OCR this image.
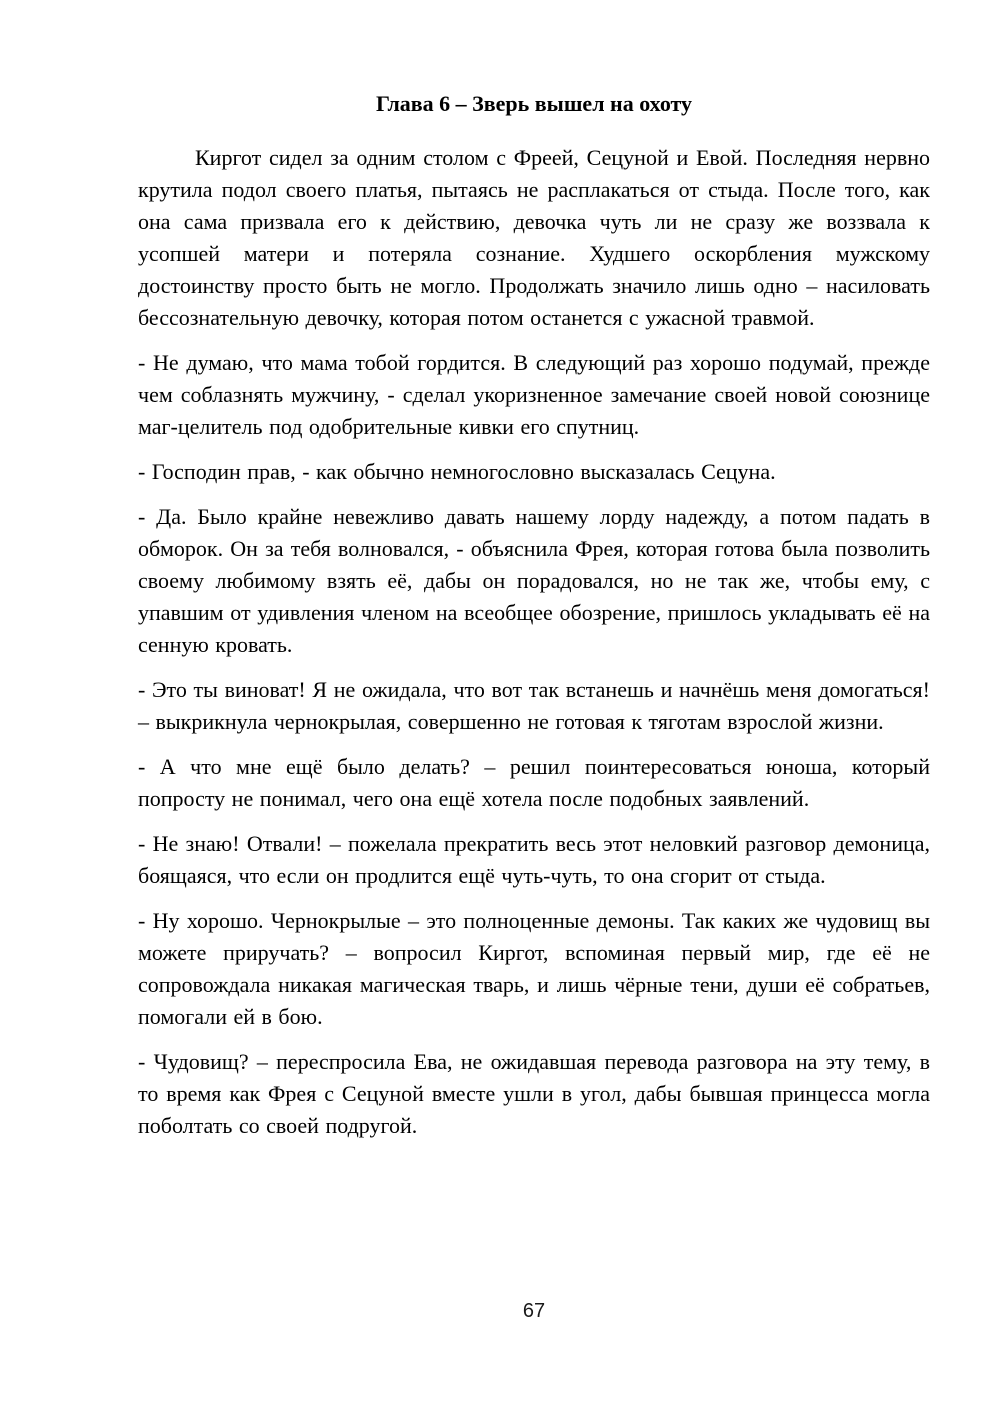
Глава 6 – Зверь вышел на охоту

Киргот сидел за одним столом с Фреей, Сецуной и Евой. Последняя нервно крутила подол своего платья, пытаясь не расплакаться от стыда. После того, как она сама призвала его к действию, девочка чуть ли не сразу же воззвала к усопшей матери и потеряла сознание. Худшего оскорбления мужскому достоинству просто быть не могло. Продолжать значило лишь одно – насиловать бессознательную девочку, которая потом останется с ужасной травмой.

- Не думаю, что мама тобой гордится. В следующий раз хорошо подумай, прежде чем соблазнять мужчину, - сделал укоризненное замечание своей новой союзнице маг-целитель под одобрительные кивки его спутниц.

- Господин прав, - как обычно немногословно высказалась Сецуна.

- Да. Было крайне невежливо давать нашему лорду надежду, а потом падать в обморок. Он за тебя волновался, - объяснила Фрея, которая готова была позволить своему любимому взять её, дабы он порадовался, но не так же, чтобы ему, с упавшим от удивления членом на всеобщее обозрение, пришлось укладывать её на сенную кровать.

- Это ты виноват! Я не ожидала, что вот так встанешь и начнёшь меня домогаться! – выкрикнула чернокрылая, совершенно не готовая к тяготам взрослой жизни.

- А что мне ещё было делать? – решил поинтересоваться юноша, который попросту не понимал, чего она ещё хотела после подобных заявлений.

- Не знаю! Отвали! – пожелала прекратить весь этот неловкий разговор демоница, боящаяся, что если он продлится ещё чуть-чуть, то она сгорит от стыда.

- Ну хорошо. Чернокрылые – это полноценные демоны. Так каких же чудовищ вы можете приручать? – вопросил Киргот, вспоминая первый мир, где её не сопровождала никакая магическая тварь, и лишь чёрные тени, души её собратьев, помогали ей в бою.

- Чудовищ? – переспросила Ева, не ожидавшая перевода разговора на эту тему, в то время как Фрея с Сецуной вместе ушли в угол, дабы бывшая принцесса могла поболтать со своей подругой.

67
